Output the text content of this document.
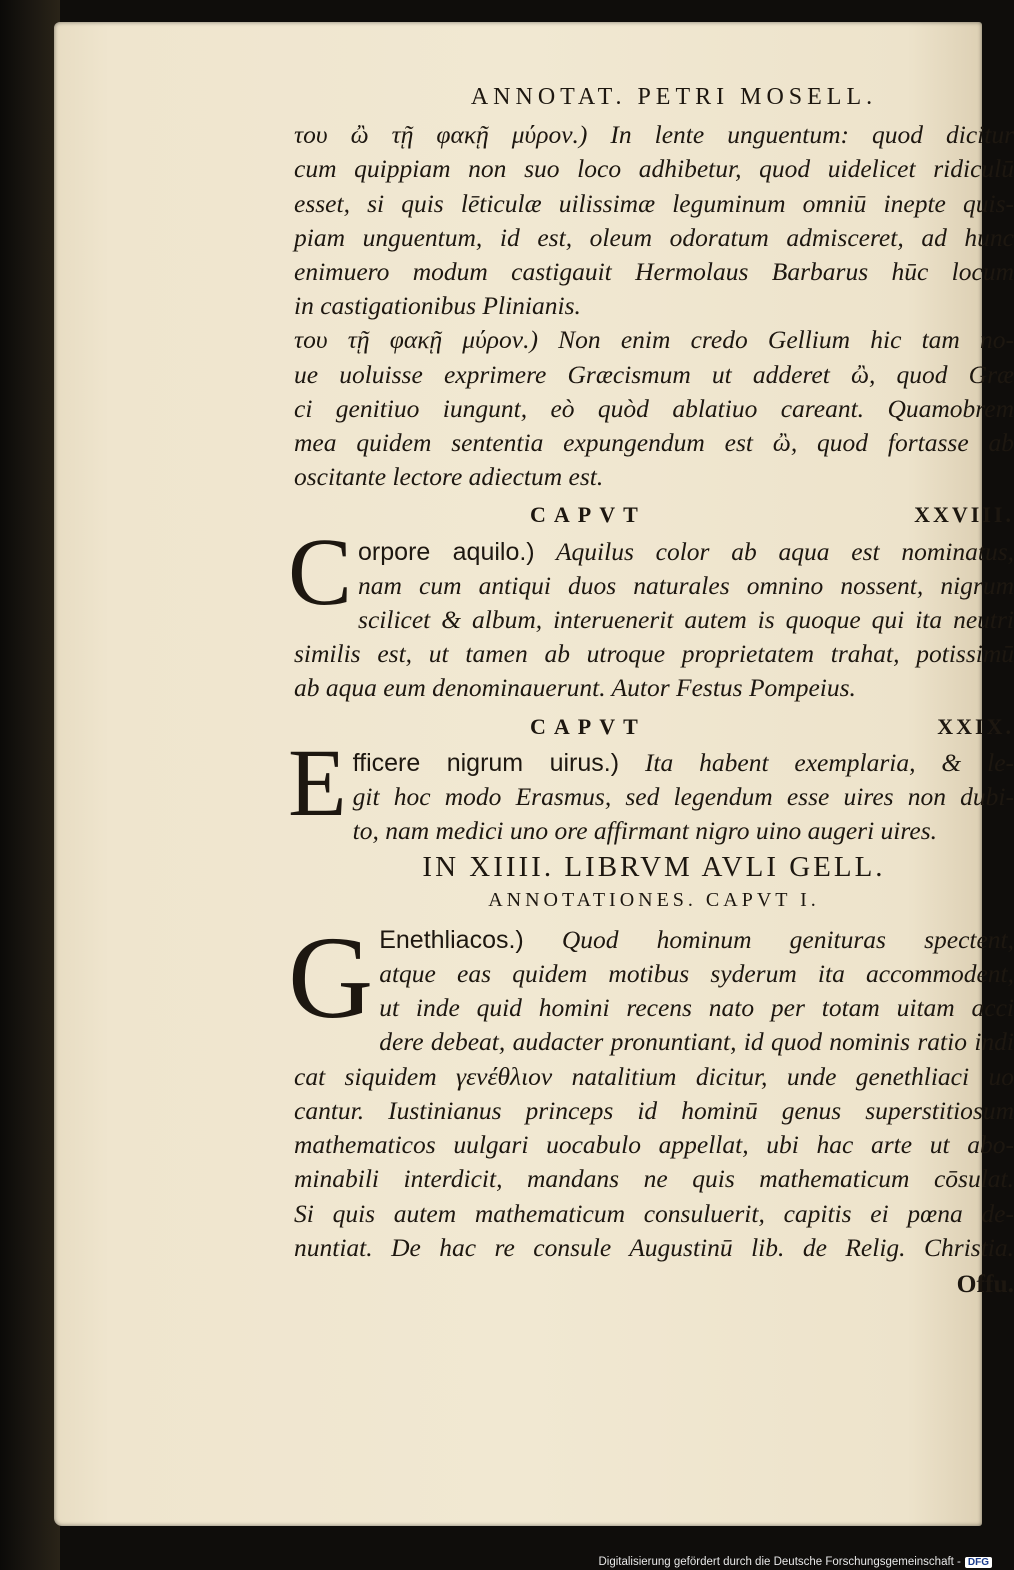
ANNOTAT. PETRI MOSELL.
του ὢ τῇ φακῇ μύρον.) In lente unguentum: quod dicitur
cum quippiam non suo loco adhibetur, quod uidelicet ridiculū
esset, si quis lēticulæ uilissimæ leguminum omniū inepte quis-
piam unguentum, id est, oleum odoratum admisceret, ad hunc
enimuero modum castigauit Hermolaus Barbarus hūc locum
in castigationibus Plinianis.
του τῇ φακῇ μύρον.) Non enim credo Gellium hic tam no-
ue uoluisse exprimere Græcismum ut adderet ὢ, quod Græ
ci genitiuo iungunt, eò quòd ablatiuo careant. Quamobrem
mea quidem sententia expungendum est ὢ, quod fortasse ab
oscitante lectore adiectum est.
CAPVT	XXVIII.
C orpore aquilo.) Aquilus color ab aqua est nominatus,
nam cum antiqui duos naturales omnino nossent, nigrum
scilicet & album, interuenerit autem is quoque qui ita neutri
similis est, ut tamen ab utroque proprietatem trahat, potissimū
ab aqua eum denominauerunt. Autor Festus Pompeius.
CAPVT	XXIX.
E fficere nigrum uirus.) Ita habent exemplaria, & le-
git hoc modo Erasmus, sed legendum esse uires non dubi-
to, nam medici uno ore affirmant nigro uino augeri uires.
IN XIIII. LIBRVM AVLI GELL.
ANNOTATIONES. CAPVT I.
G Enethliacos.) Quod hominum genituras spectent,
atque eas quidem motibus syderum ita accommodent,
ut inde quid homini recens nato per totam uitam acci
dere debeat, audacter pronuntiant, id quod nominis ratio indi
cat siquidem γενέθλιον natalitium dicitur, unde genethliaci uo
cantur. Iustinianus princeps id hominū genus superstitiosum
mathematicos uulgari uocabulo appellat, ubi hac arte ut abo-
minabili interdicit, mandans ne quis mathematicum cōsulat.
Si quis autem mathematicum consuluerit, capitis ei pœna de-
nuntiat. De hac re consule Augustinū lib. de Relig. Christia.
Offu.
Digitalisierung gefördert durch die Deutsche Forschungsgemeinschaft - DFG
